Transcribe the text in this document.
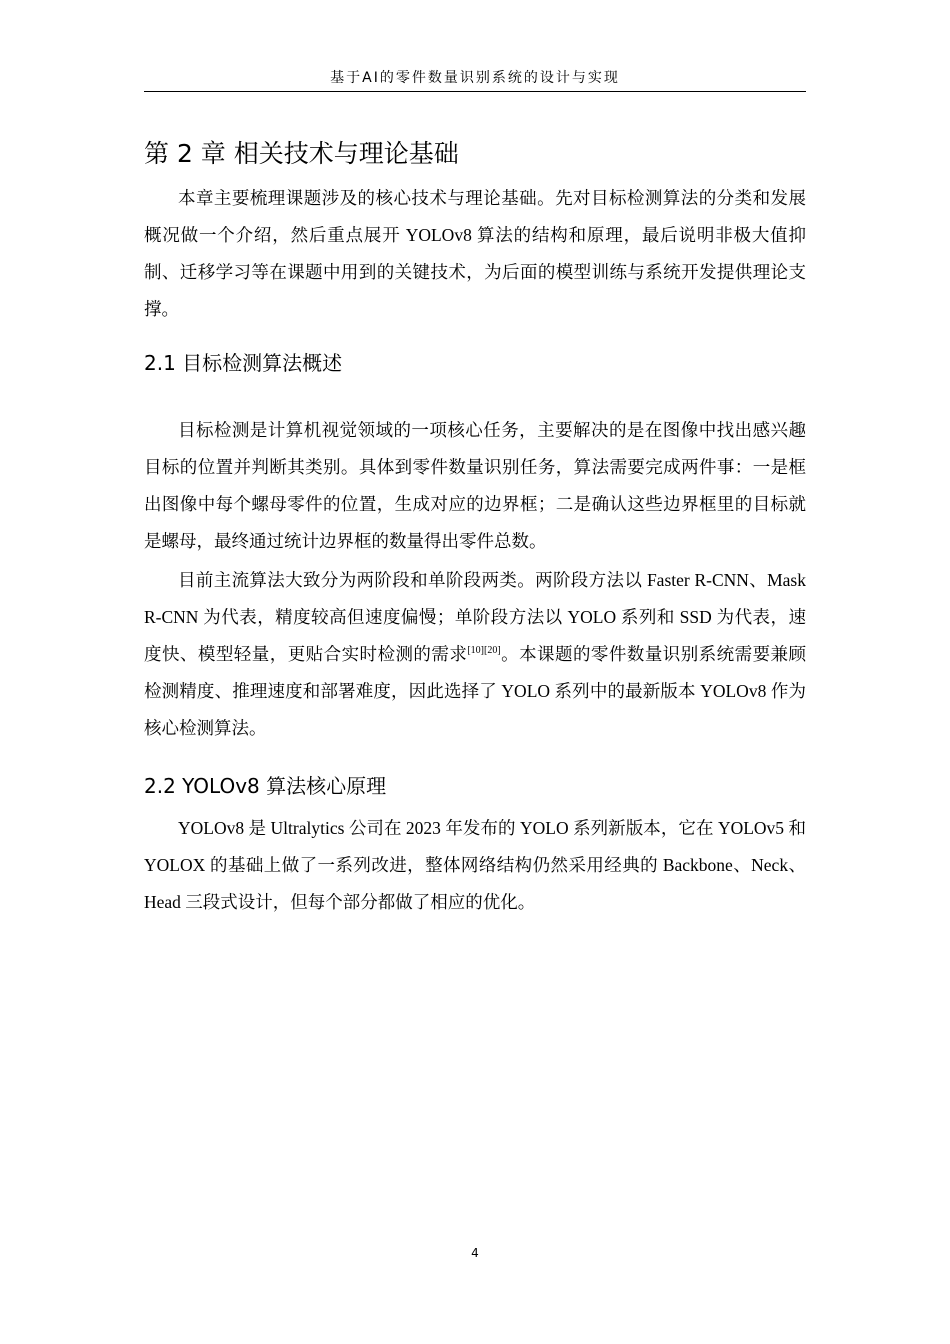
基于AI的零件数量识别系统的设计与实现
第 2 章 相关技术与理论基础

本章主要梳理课题涉及的核心技术与理论基础。先对目标检测算法的分类和发展概况做一个介绍，然后重点展开 YOLOv8 算法的结构和原理，最后说明非极大值抑制、迁移学习等在课题中用到的关键技术，为后面的模型训练与系统开发提供理论支撑。

2.1 目标检测算法概述

目标检测是计算机视觉领域的一项核心任务，主要解决的是在图像中找出感兴趣目标的位置并判断其类别。具体到零件数量识别任务，算法需要完成两件事：一是框出图像中每个螺母零件的位置，生成对应的边界框；二是确认这些边界框里的目标就是螺母，最终通过统计边界框的数量得出零件总数。

目前主流算法大致分为两阶段和单阶段两类。两阶段方法以 Faster R-CNN、Mask R-CNN 为代表，精度较高但速度偏慢；单阶段方法以 YOLO 系列和 SSD 为代表，速度快、模型轻量，更贴合实时检测的需求[10][20]。本课题的零件数量识别系统需要兼顾检测精度、推理速度和部署难度，因此选择了 YOLO 系列中的最新版本 YOLOv8 作为核心检测算法。

2.2 YOLOv8 算法核心原理

YOLOv8 是 Ultralytics 公司在 2023 年发布的 YOLO 系列新版本，它在 YOLOv5 和 YOLOX 的基础上做了一系列改进，整体网络结构仍然采用经典的 Backbone、Neck、Head 三段式设计，但每个部分都做了相应的优化。

4
